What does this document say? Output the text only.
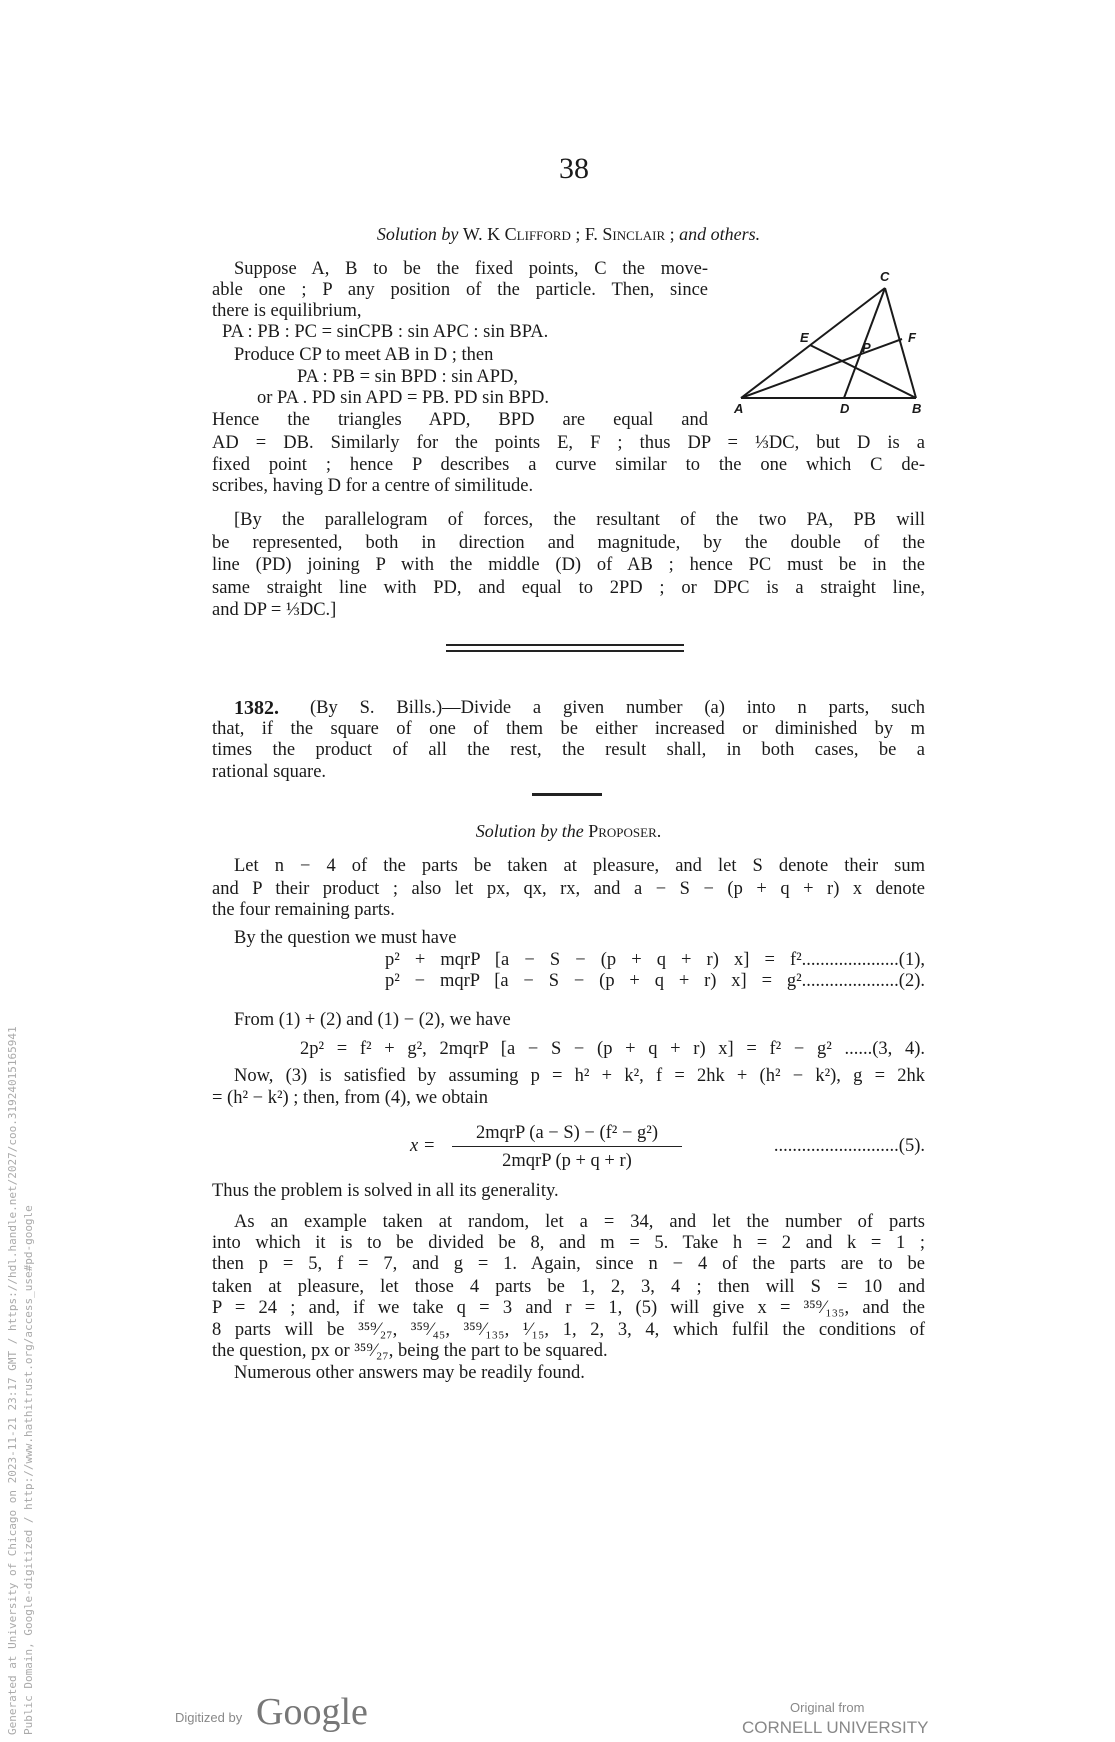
38
Solution by W. K Clifford ; F. Sinclair ; and others.
C
E	F
P
A	D	B
1382.
Solution by the Proposer.
x =
2mqrP (a − S) − (f² − g²)
2mqrP (p + q + r)
...........................(5).
Generated at University of Chicago on 2023-11-21 23:17 GMT / https://hdl.handle.net/2027/coo.31924015165941 Public Domain, Google-digitized / http://www.hathitrust.org/access_use#pd-google	Digitized by Google	Original from
CORNELL UNIVERSITY
Suppose A, B to be the fixed points, C the move-
able one ; P any position of the particle. Then, since
there is equilibrium,
PA : PB : PC = sinCPB : sin APC : sin BPA.
Produce CP to meet AB in D ; then
PA : PB = sin BPD : sin APD,
or PA . PD sin APD = PB. PD sin BPD.
Hence the triangles APD, BPD are equal and
AD = DB. Similarly for the points E, F ; thus DP = ⅓DC, but D is a
fixed point ; hence P describes a curve similar to the one which C de-
scribes, having D for a centre of similitude.
[By the parallelogram of forces, the resultant of the two PA, PB will
be represented, both in direction and magnitude, by the double of the
line (PD) joining P with the middle (D) of AB ; hence PC must be in the
same straight line with PD, and equal to 2PD ; or DPC is a straight line,
and DP = ⅓DC.]
(By S. Bills.)—Divide a given number (a) into n parts, such
that, if the square of one of them be either increased or diminished by m
times the product of all the rest, the result shall, in both cases, be a
rational square.
Let n − 4 of the parts be taken at pleasure, and let S denote their sum
and P their product ; also let px, qx, rx, and a − S − (p + q + r) x denote
the four remaining parts.
By the question we must have
p² + mqrP [a − S − (p + q + r) x] = f².....................(1),
p² − mqrP [a − S − (p + q + r) x] = g².....................(2).
From (1) + (2) and (1) − (2), we have
2p² = f² + g², 2mqrP [a − S − (p + q + r) x] = f² − g² ......(3, 4).
Now, (3) is satisfied by assuming p = h² + k², f = 2hk + (h² − k²), g = 2hk
= (h² − k²) ; then, from (4), we obtain
Thus the problem is solved in all its generality.
As an example taken at random, let a = 34, and let the number of parts
into which it is to be divided be 8, and m = 5. Take h = 2 and k = 1 ;
then p = 5, f = 7, and g = 1. Again, since n − 4 of the parts are to be
taken at pleasure, let those 4 parts be 1, 2, 3, 4 ; then will S = 10 and
P = 24 ; and, if we take q = 3 and r = 1, (5) will give x = ³⁵⁹⁄₁₃₅, and the
8 parts will be ³⁵⁹⁄₂₇, ³⁵⁹⁄₄₅, ³⁵⁹⁄₁₃₅, ¹⁄₁₅, 1, 2, 3, 4, which fulfil the conditions of
the question, px or ³⁵⁹⁄₂₇, being the part to be squared.
Numerous other answers may be readily found.
